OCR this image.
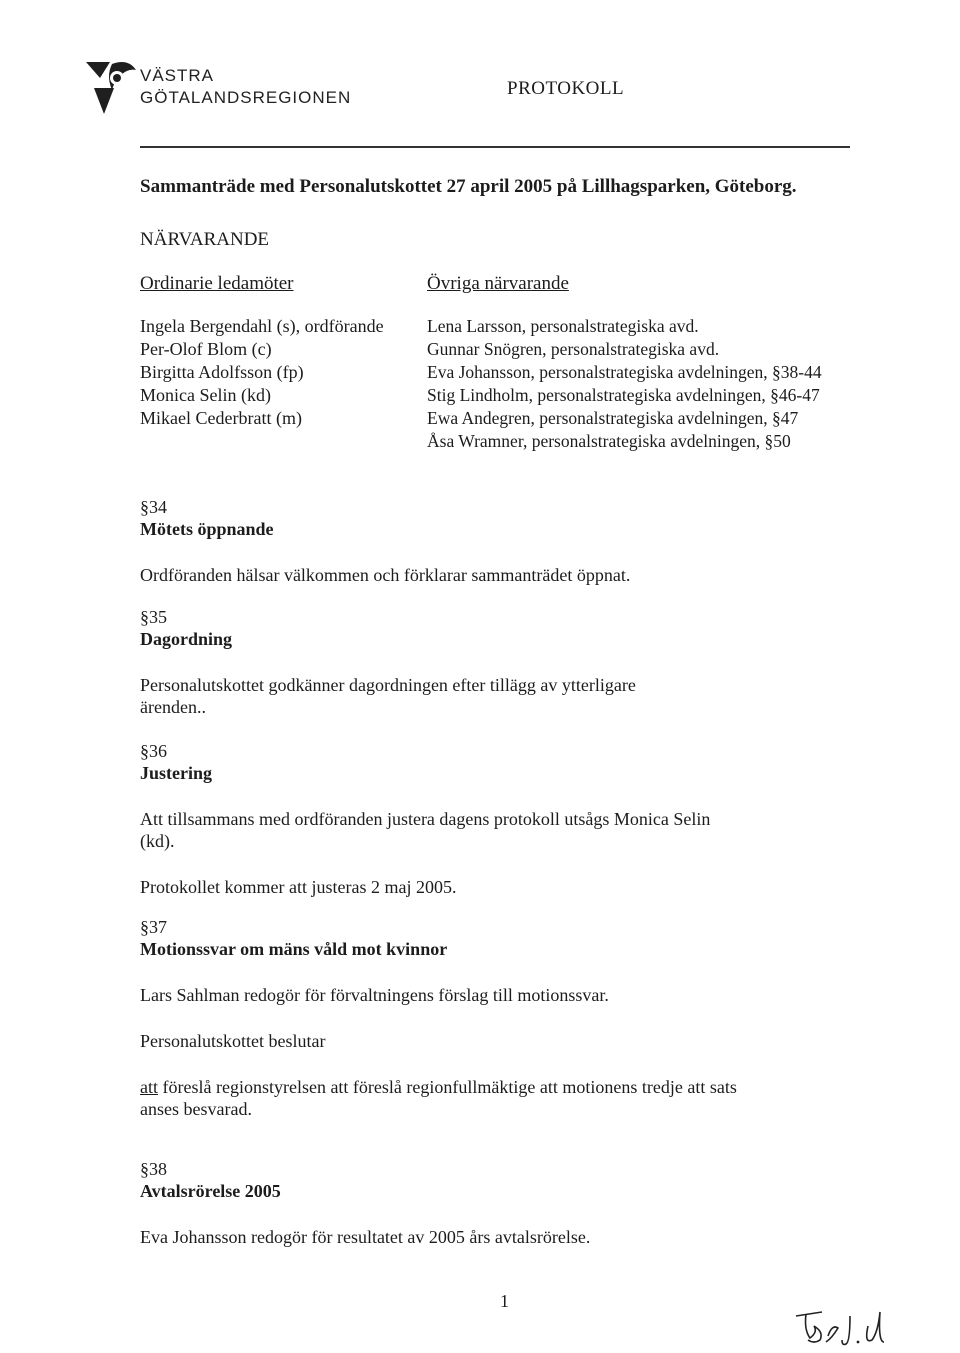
VÄSTRA
GÖTALANDSREGIONEN	PROTOKOLL
Sammanträde med Personalutskottet 27 april 2005 på Lillhagsparken, Göteborg.
NÄRVARANDE
Ordinarie ledamöter	Övriga närvarande
Ingela Bergendahl (s), ordförande
Per-Olof Blom (c)
Birgitta Adolfsson (fp)
Monica Selin (kd)
Mikael Cederbratt (m)
Lena Larsson, personalstrategiska avd.
Gunnar Snögren, personalstrategiska avd.
Eva Johansson, personalstrategiska avdelningen, §38-44
Stig Lindholm, personalstrategiska avdelningen, §46-47
Ewa Andegren, personalstrategiska avdelningen, §47
Åsa Wramner, personalstrategiska avdelningen, §50
§34
Mötets öppnande

Ordföranden hälsar välkommen och förklarar sammanträdet öppnat.

§35
Dagordning

Personalutskottet godkänner dagordningen efter tillägg av ytterligare ärenden..

§36
Justering

Att tillsammans med ordföranden justera dagens protokoll utsågs Monica Selin (kd).

Protokollet kommer att justeras 2 maj 2005.

§37
Motionssvar om mäns våld mot kvinnor

Lars Sahlman redogör för förvaltningens förslag till motionssvar.

Personalutskottet beslutar

att föreslå regionstyrelsen att föreslå regionfullmäktige att motionens tredje att sats anses besvarad.

§38
Avtalsrörelse 2005

Eva Johansson redogör för resultatet av 2005 års avtalsrörelse.

1
